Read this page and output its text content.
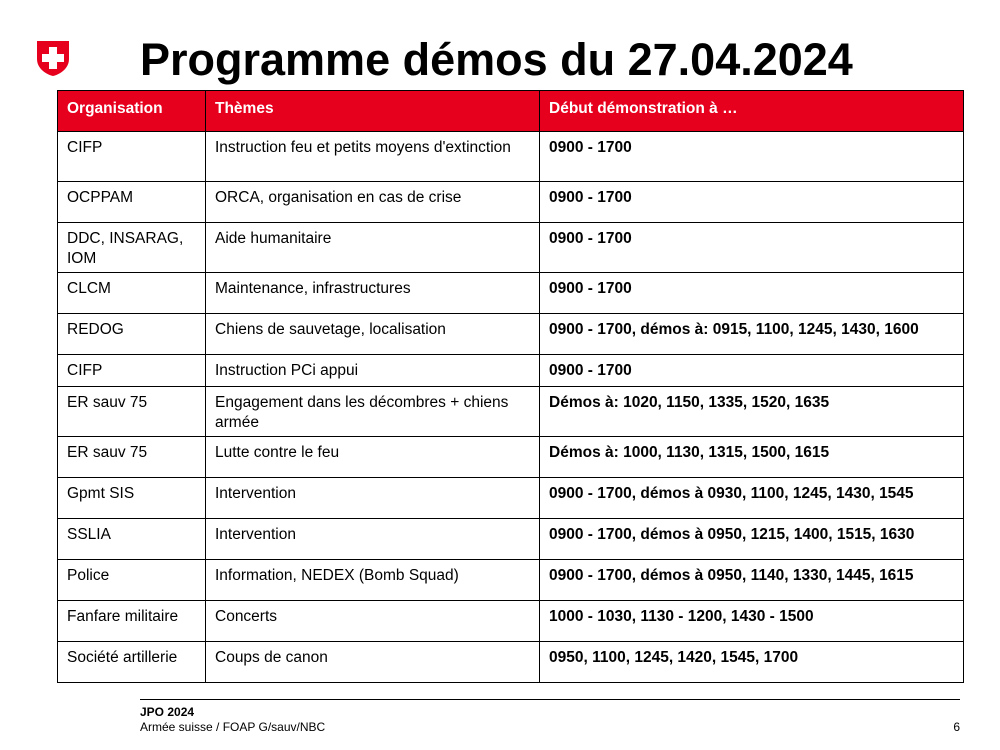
Programme démos du 27.04.2024
Organisation	Thèmes	Début démonstration à …
CIFP	Instruction feu et petits moyens d'extinction	0900 - 1700
OCPPAM	ORCA, organisation en cas de crise	0900 - 1700
DDC, INSARAG, IOM	Aide humanitaire	0900 - 1700
CLCM	Maintenance, infrastructures	0900 - 1700
REDOG	Chiens de sauvetage, localisation	0900 - 1700, démos à: 0915, 1100, 1245, 1430, 1600
CIFP	Instruction PCi appui	0900 - 1700
ER sauv 75	Engagement dans les décombres + chiens armée	Démos à: 1020, 1150, 1335, 1520, 1635
ER sauv 75	Lutte contre le feu	Démos à: 1000, 1130, 1315, 1500, 1615
Gpmt SIS	Intervention	0900 - 1700, démos à 0930, 1100, 1245, 1430, 1545
SSLIA	Intervention	0900 - 1700, démos à 0950, 1215, 1400, 1515, 1630
Police	Information, NEDEX (Bomb Squad)	0900 - 1700, démos à 0950, 1140, 1330, 1445, 1615
Fanfare militaire	Concerts	1000 - 1030, 1130 - 1200, 1430 - 1500
Société artillerie	Coups de canon	0950, 1100, 1245, 1420, 1545, 1700
JPO 2024
Armée suisse / FOAP G/sauv/NBC	6
